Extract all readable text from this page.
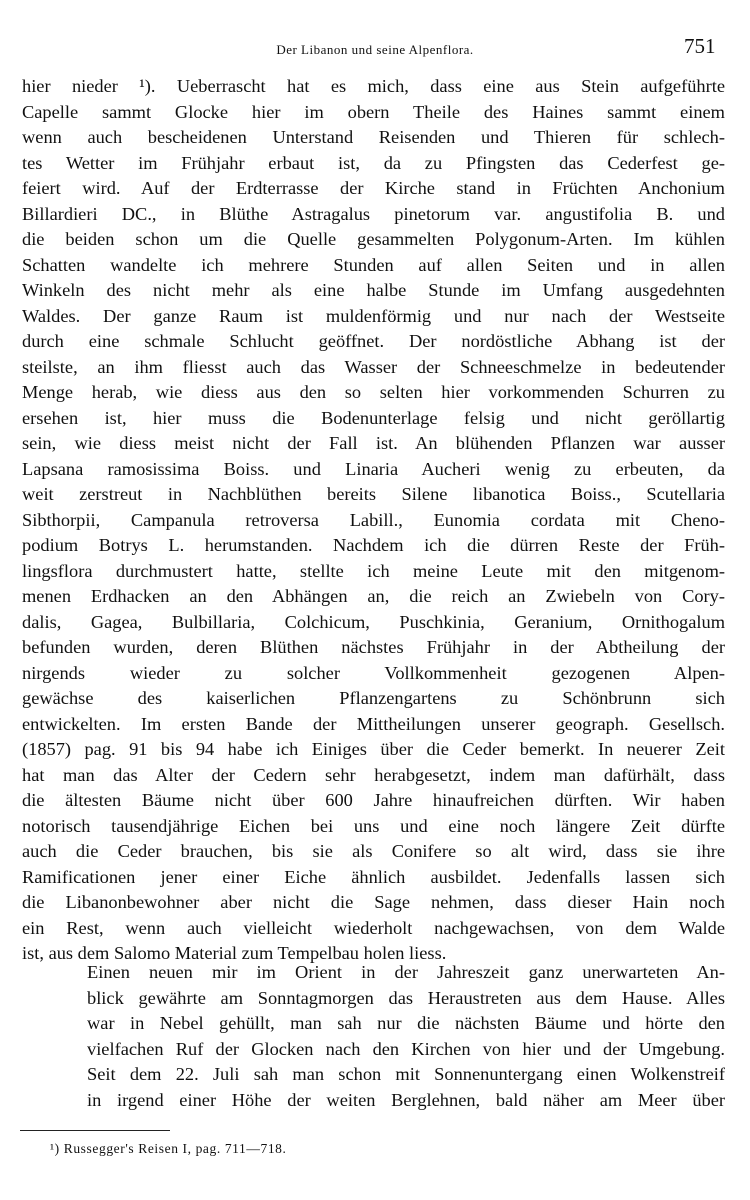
Der Libanon und seine Alpenflora.	751

hier nieder ¹). Ueberrascht hat es mich, dass eine aus Stein aufgeführte
Capelle sammt Glocke hier im obern Theile des Haines sammt einem
wenn auch bescheidenen Unterstand Reisenden und Thieren für schlech-
tes Wetter im Frühjahr erbaut ist, da zu Pfingsten das Cederfest ge-
feiert wird. Auf der Erdterrasse der Kirche stand in Früchten Anchonium
Billardieri DC., in Blüthe Astragalus pinetorum var. angustifolia B. und
die beiden schon um die Quelle gesammelten Polygonum-Arten. Im kühlen
Schatten wandelte ich mehrere Stunden auf allen Seiten und in allen
Winkeln des nicht mehr als eine halbe Stunde im Umfang ausgedehnten
Waldes. Der ganze Raum ist muldenförmig und nur nach der Westseite
durch eine schmale Schlucht geöffnet. Der nordöstliche Abhang ist der
steilste, an ihm fliesst auch das Wasser der Schneeschmelze in bedeutender
Menge herab, wie diess aus den so selten hier vorkommenden Schurren zu
ersehen ist, hier muss die Bodenunterlage felsig und nicht geröllartig
sein, wie diess meist nicht der Fall ist. An blühenden Pflanzen war ausser
Lapsana ramosissima Boiss. und Linaria Aucheri wenig zu erbeuten, da
weit zerstreut in Nachblüthen bereits Silene libanotica Boiss., Scutellaria
Sibthorpii, Campanula retroversa Labill., Eunomia cordata mit Cheno-
podium Botrys L. herumstanden. Nachdem ich die dürren Reste der Früh-
lingsflora durchmustert hatte, stellte ich meine Leute mit den mitgenom-
menen Erdhacken an den Abhängen an, die reich an Zwiebeln von Cory-
dalis, Gagea, Bulbillaria, Colchicum, Puschkinia, Geranium, Ornithogalum
befunden wurden, deren Blüthen nächstes Frühjahr in der Abtheilung der
nirgends wieder zu solcher Vollkommenheit gezogenen Alpen-
gewächse des kaiserlichen Pflanzengartens zu Schönbrunn sich
entwickelten. Im ersten Bande der Mittheilungen unserer geograph. Gesellsch.
(1857) pag. 91 bis 94 habe ich Einiges über die Ceder bemerkt. In neuerer Zeit
hat man das Alter der Cedern sehr herabgesetzt, indem man dafürhält, dass
die ältesten Bäume nicht über 600 Jahre hinaufreichen dürften. Wir haben
notorisch tausendjährige Eichen bei uns und eine noch längere Zeit dürfte
auch die Ceder brauchen, bis sie als Conifere so alt wird, dass sie ihre
Ramificationen jener einer Eiche ähnlich ausbildet. Jedenfalls lassen sich
die Libanonbewohner aber nicht die Sage nehmen, dass dieser Hain noch
ein Rest, wenn auch vielleicht wiederholt nachgewachsen, von dem Walde
ist, aus dem Salomo Material zum Tempelbau holen liess.

Einen neuen mir im Orient in der Jahreszeit ganz unerwarteten An-
blick gewährte am Sonntagmorgen das Heraustreten aus dem Hause. Alles
war in Nebel gehüllt, man sah nur die nächsten Bäume und hörte den
vielfachen Ruf der Glocken nach den Kirchen von hier und der Umgebung.
Seit dem 22. Juli sah man schon mit Sonnenuntergang einen Wolkenstreif
in irgend einer Höhe der weiten Berglehnen, bald näher am Meer über

¹) Russegger's Reisen I, pag. 711—718.
